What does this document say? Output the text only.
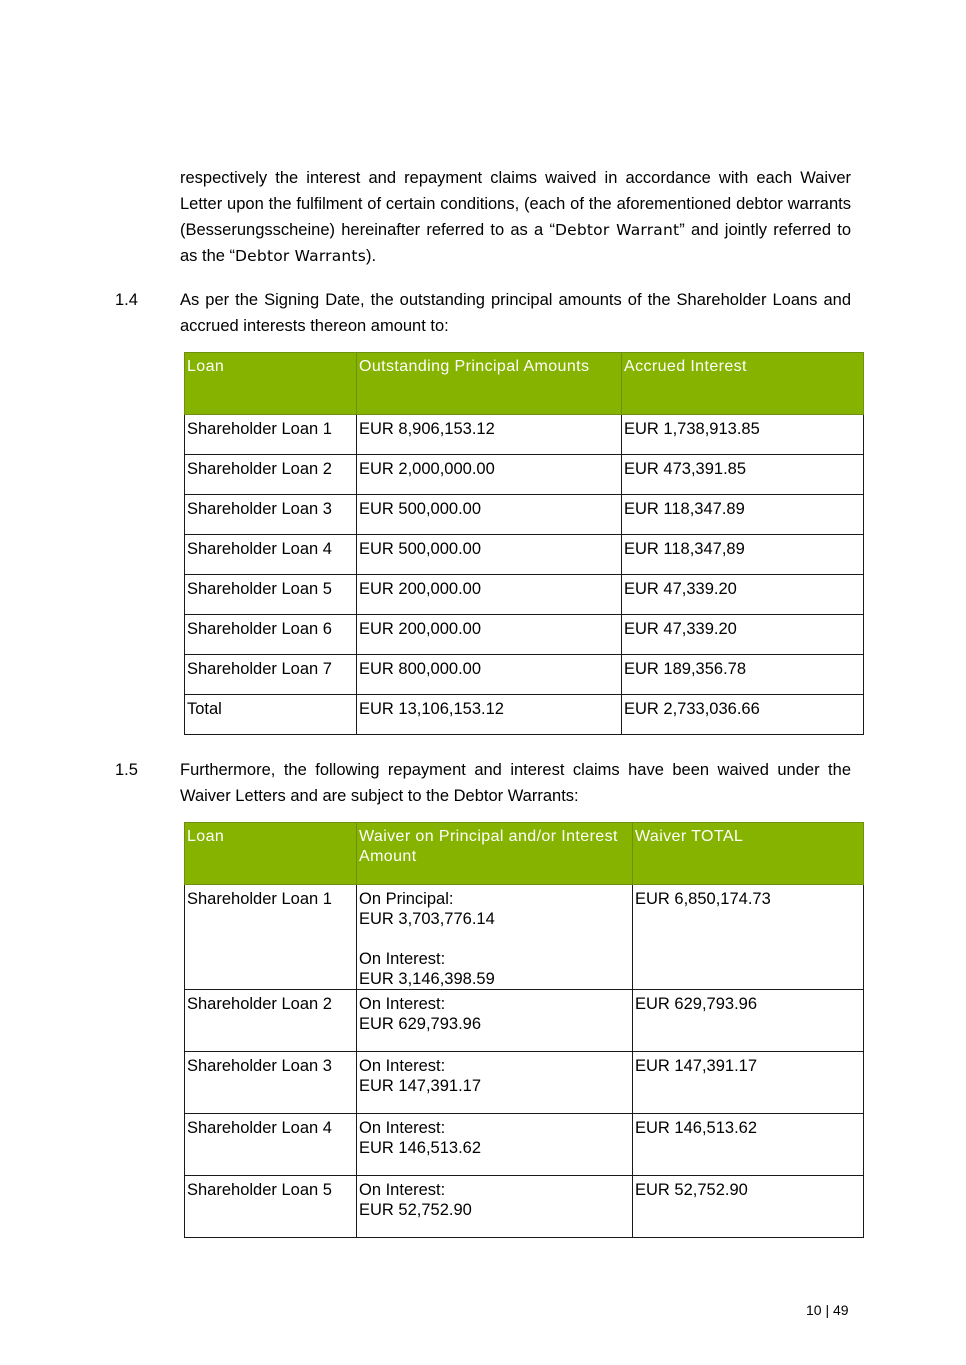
respectively the interest and repayment claims waived in accordance with each Waiver Letter upon the fulfilment of certain conditions, (each of the aforementioned debtor warrants (Besserungsscheine) hereinafter referred to as a “Debtor Warrant” and jointly referred to as the “Debtor Warrants).

1.4	As per the Signing Date, the outstanding principal amounts of the Shareholder Loans and accrued interests thereon amount to:

Loan	Outstanding Principal Amounts	Accrued Interest
Shareholder Loan 1	EUR 8,906,153.12	EUR 1,738,913.85
Shareholder Loan 2	EUR 2,000,000.00	EUR 473,391.85
Shareholder Loan 3	EUR 500,000.00	EUR 118,347.89
Shareholder Loan 4	EUR 500,000.00	EUR 118,347,89
Shareholder Loan 5	EUR 200,000.00	EUR 47,339.20
Shareholder Loan 6	EUR 200,000.00	EUR 47,339.20
Shareholder Loan 7	EUR 800,000.00	EUR 189,356.78
Total	EUR 13,106,153.12	EUR 2,733,036.66
1.5	Furthermore, the following repayment and interest claims have been waived under the Waiver Letters and are subject to the Debtor Warrants:

Loan	Waiver on Principal and/or Interest Amount	Waiver TOTAL
Shareholder Loan 1	On Principal:
EUR 3,703,776.14
On Interest:
EUR 3,146,398.59	EUR 6,850,174.73
Shareholder Loan 2	On Interest:
EUR 629,793.96	EUR 629,793.96
Shareholder Loan 3	On Interest:
EUR 147,391.17	EUR 147,391.17
Shareholder Loan 4	On Interest:
EUR 146,513.62	EUR 146,513.62
Shareholder Loan 5	On Interest:
EUR 52,752.90	EUR 52,752.90
10 | 49
